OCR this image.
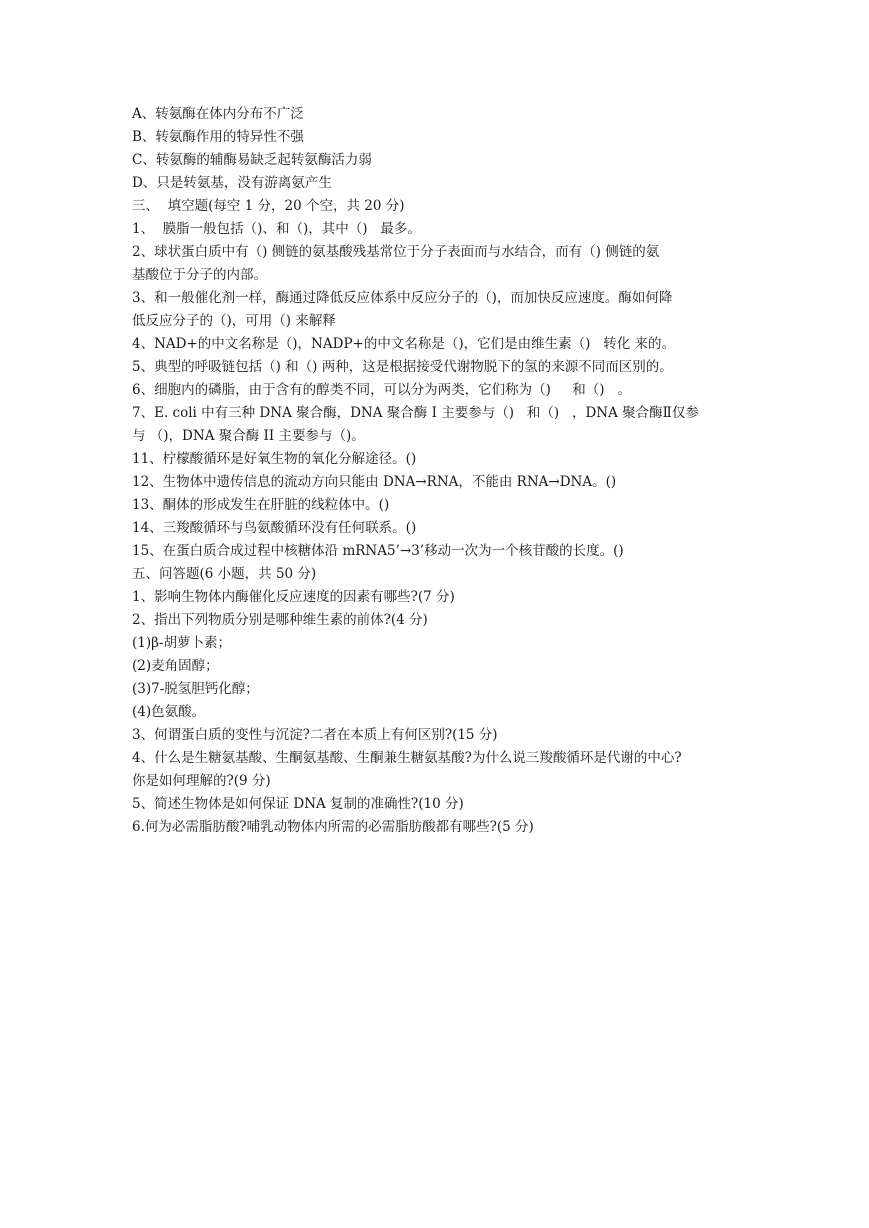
A、转氨酶在体内分布不广泛

B、转氨酶作用的特异性不强

C、转氨酶的辅酶易缺乏起转氨酶活力弱

D、只是转氨基，没有游离氨产生

三、  填空题(每空 1 分，20 个空，共 20 分)

1、  膜脂一般包括（)、和（)，其中（)   最多。

2、球状蛋白质中有（) 侧链的氨基酸残基常位于分子表面而与水结合，而有（) 侧链的氨

基酸位于分子的内部。

3、和一般催化剂一样，酶通过降低反应体系中反应分子的（)，而加快反应速度。酶如何降

低反应分子的（)，可用（) 来解释

4、NAD+的中文名称是（)，NADP+的中文名称是（)，它们是由维生素（)   转化 来的。

5、典型的呼吸链包括（) 和（) 两种，这是根据接受代谢物脱下的氢的来源不同而区别的。

6、细胞内的磷脂，由于含有的醇类不同，可以分为两类，它们称为（)     和（)   。

7、E. coli 中有三种 DNA 聚合酶，DNA 聚合酶 I 主要参与（)   和（)   ，DNA 聚合酶Ⅱ仅参

与 （)，DNA 聚合酶 II 主要参与（)。

11、柠檬酸循环是好氧生物的氧化分解途径。()

12、生物体中遗传信息的流动方向只能由 DNA→RNA，不能由 RNA→DNA。()

13、酮体的形成发生在肝脏的线粒体中。()

14、三羧酸循环与鸟氨酸循环没有任何联系。()

15、在蛋白质合成过程中核糖体沿 mRNA5’→3’移动一次为一个核苷酸的长度。()

五、问答题(6 小题，共 50 分)

1、影响生物体内酶催化反应速度的因素有哪些?(7 分)

2、指出下列物质分别是哪种维生素的前体?(4 分)

(1)β-胡萝卜素；

(2)麦角固醇；

(3)7-脱氢胆钙化醇；

(4)色氨酸。

3、何谓蛋白质的变性与沉淀?二者在本质上有何区别?(15 分)

4、什么是生糖氨基酸、生酮氨基酸、生酮兼生糖氨基酸?为什么说三羧酸循环是代谢的中心?

你是如何理解的?(9 分)

5、简述生物体是如何保证 DNA 复制的准确性?(10 分)

6.何为必需脂肪酸?哺乳动物体内所需的必需脂肪酸都有哪些?(5 分)
